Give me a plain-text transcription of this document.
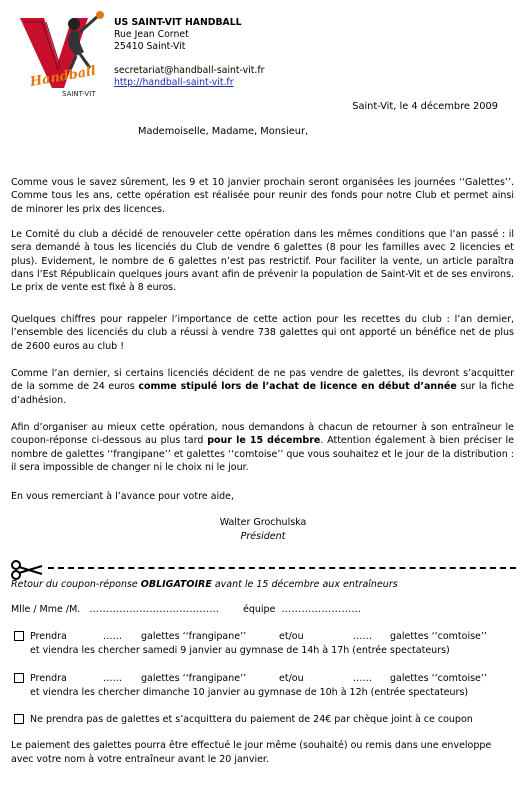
Handball
SAINT-VIT
US SAINT-VIT HANDBALL
Rue Jean Cornet
25410 Saint-Vit
secretariat@handball-saint-vit.fr
http://handball-saint-vit.fr
Saint-Vit, le 4 décembre 2009
Mademoiselle, Madame, Monsieur,
Comme vous le savez sûrement, les 9 et 10 janvier prochain seront organisées les journées ‘‘Galettes’’. Comme tous les ans, cette opération est réalisée pour reunir des fonds pour notre Club et permet ainsi de minorer les prix des licences.
Le Comité du club a décidé de renouveler cette opération dans les mêmes conditions que l’an passé : il sera demandé à tous les licenciés du Club de vendre 6 galettes (8 pour les familles avec 2 licencies et plus). Evidement, le nombre de 6 galettes n’est pas restrictif. Pour faciliter la vente, un article paraîtra dans l’Est Républicain quelques jours avant afin de prévenir la population de Saint-Vit et de ses environs. Le prix de vente est fixé à 8 euros.
Quelques chiffres pour rappeler l’importance de cette action pour les recettes du club : l’an dernier, l’ensemble des licenciés du club a réussi à vendre 738 galettes qui ont apporté un bénéfice net de plus de 2600 euros au club !
Comme l’an dernier, si certains licenciés décident de ne pas vendre de galettes, ils devront s’acquitter de la somme de 24 euros comme stipulé lors de l’achat de licence en début d’année sur la fiche d’adhésion.
Afin d’organiser au mieux cette opération, nous demandons à chacun de retourner à son entraîneur le coupon-réponse ci-dessous au plus tard pour le 15 décembre. Attention également à bien préciser le nombre de galettes ‘‘frangipane’’ et galettes ‘‘comtoise’’ que vous souhaitez et le jour de la distribution : il sera impossible de changer ni le choix ni le jour.
En vous remerciant à l’avance pour votre aide,
Walter Grochulska
Président
Retour du coupon-réponse OBLIGATOIRE avant le 15 décembre aux entraîneurs
Mlle / Mme /M. ………………………………… équipe ……………………
Prendra	…… galettes ‘‘frangipane’’	et/ou	…… galettes ‘‘comtoise’’
et viendra les chercher samedi 9 janvier au gymnase de 14h à 17h (entrée spectateurs)
Prendra	…… galettes ‘‘frangipane’’	et/ou	…… galettes ‘‘comtoise’’
et viendra les chercher dimanche 10 janvier au gymnase de 10h à 12h (entrée spectateurs)
Ne prendra pas de galettes et s’acquittera du paiement de 24€ par chèque joint à ce coupon
Le paiement des galettes pourra être effectué le jour même (souhaité) ou remis dans une enveloppe avec votre nom à votre entraîneur avant le 20 janvier.
